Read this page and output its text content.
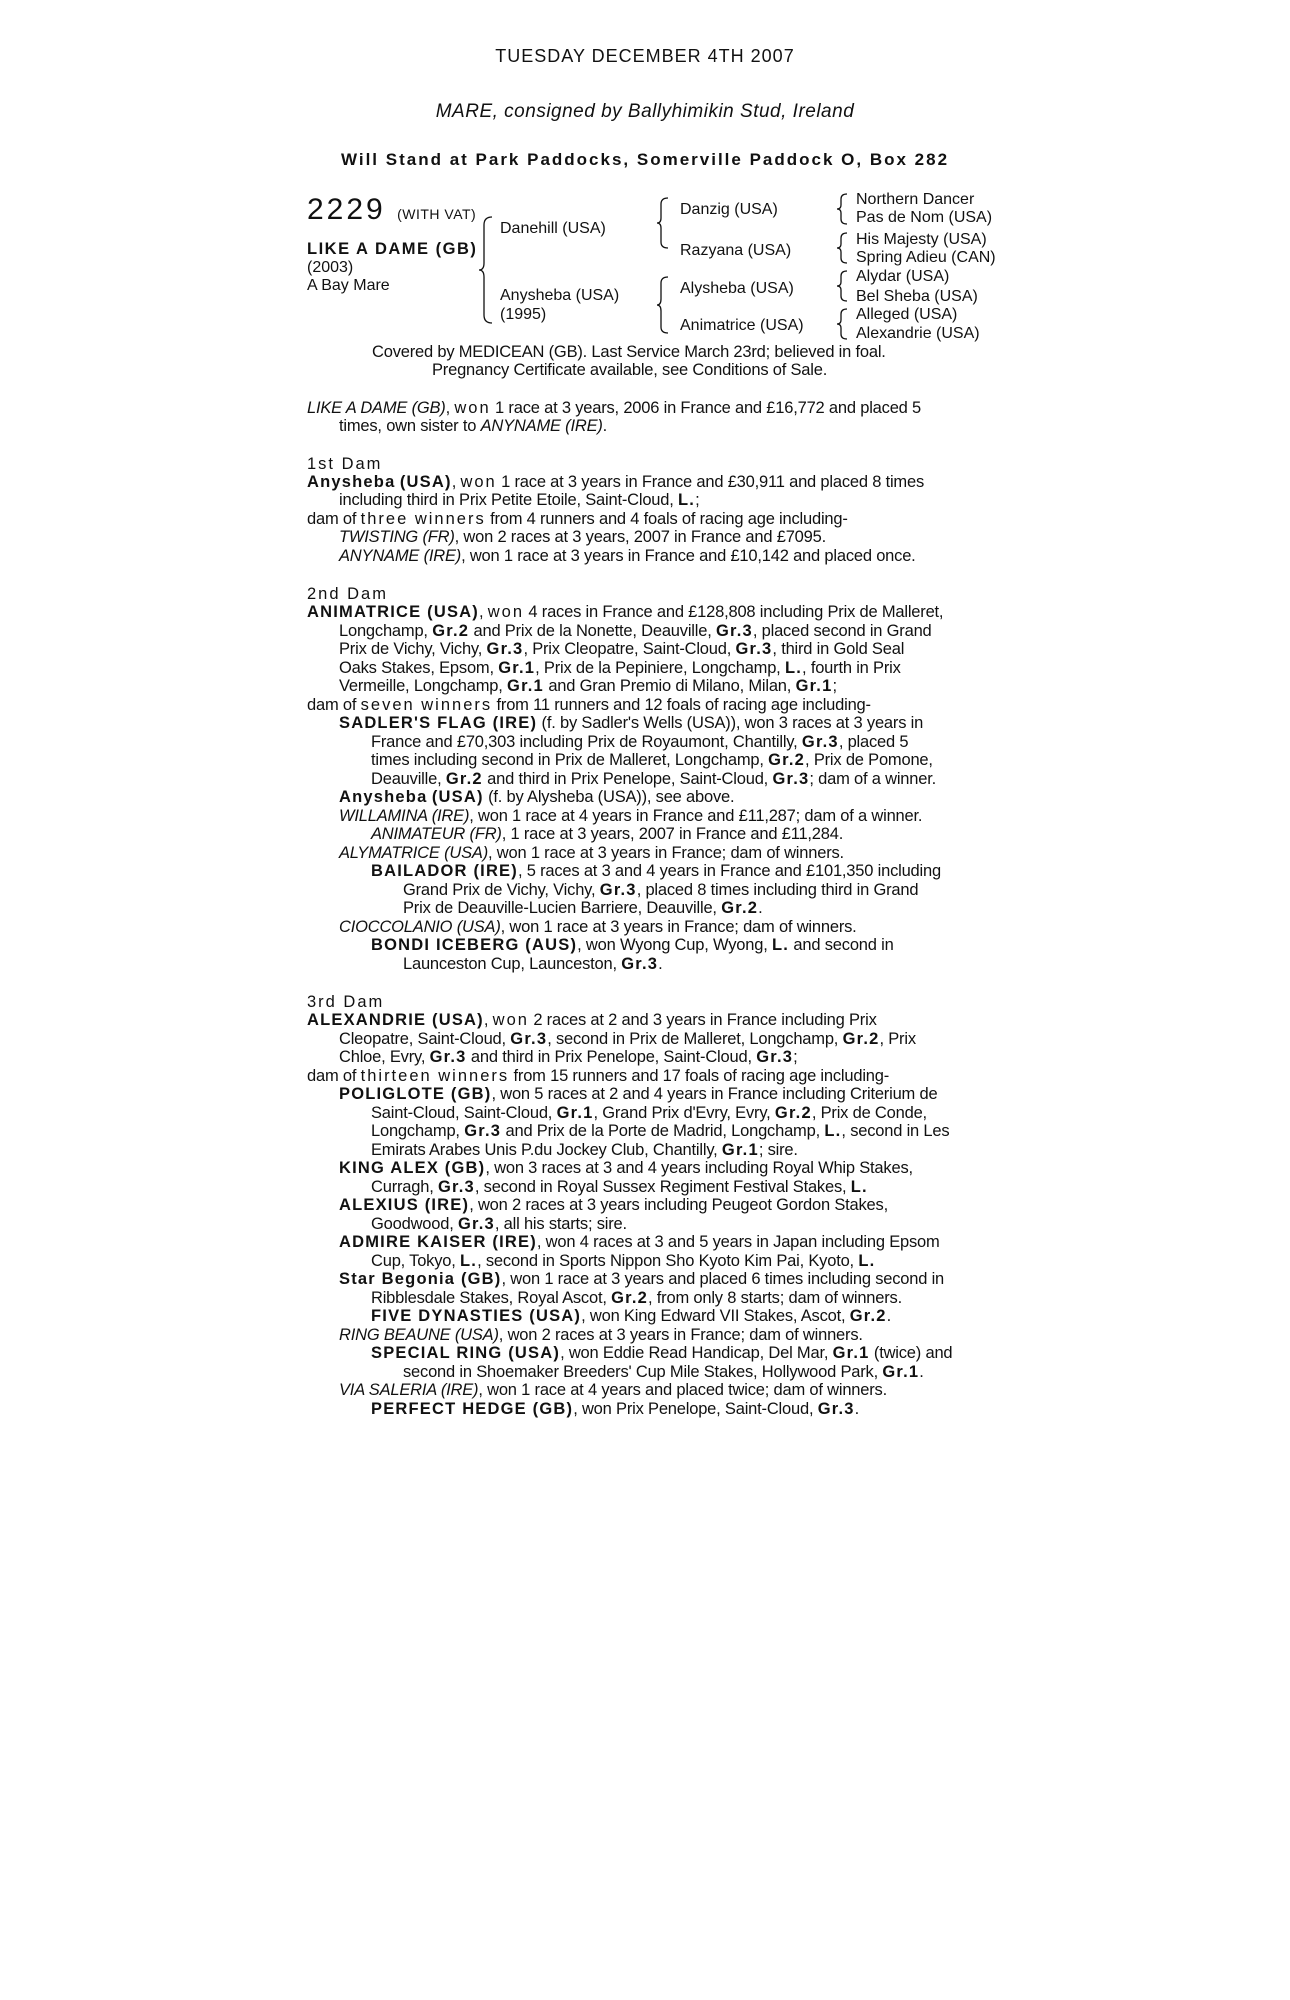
TUESDAY DECEMBER 4TH 2007
MARE, consigned by Ballyhimikin Stud, Ireland
Will Stand at Park Paddocks, Somerville Paddock O, Box 282
2229 (WITH VAT)
LIKE A DAME (GB)
(2003)
A Bay Mare
Danehill (USA)
Anysheba (USA)
(1995)
Danzig (USA)
Razyana (USA)
Alysheba (USA)
Animatrice (USA)
Northern Dancer
Pas de Nom (USA)
His Majesty (USA)
Spring Adieu (CAN)
Alydar (USA)
Bel Sheba (USA)
Alleged (USA)
Alexandrie (USA)
Covered by MEDICEAN (GB). Last Service March 23rd; believed in foal.
Pregnancy Certificate available, see Conditions of Sale.
LIKE A DAME (GB), won 1 race at 3 years, 2006 in France and £16,772 and placed 5
times, own sister to ANYNAME (IRE).
1st Dam
Anysheba (USA), won 1 race at 3 years in France and £30,911 and placed 8 times
including third in Prix Petite Etoile, Saint-Cloud, L.;
dam of three winners from 4 runners and 4 foals of racing age including-
TWISTING (FR), won 2 races at 3 years, 2007 in France and £7095.
ANYNAME (IRE), won 1 race at 3 years in France and £10,142 and placed once.
2nd Dam
ANIMATRICE (USA), won 4 races in France and £128,808 including Prix de Malleret,
Longchamp, Gr.2 and Prix de la Nonette, Deauville, Gr.3, placed second in Grand
Prix de Vichy, Vichy, Gr.3, Prix Cleopatre, Saint-Cloud, Gr.3, third in Gold Seal
Oaks Stakes, Epsom, Gr.1, Prix de la Pepiniere, Longchamp, L., fourth in Prix
Vermeille, Longchamp, Gr.1 and Gran Premio di Milano, Milan, Gr.1;
dam of seven winners from 11 runners and 12 foals of racing age including-
SADLER'S FLAG (IRE) (f. by Sadler's Wells (USA)), won 3 races at 3 years in
France and £70,303 including Prix de Royaumont, Chantilly, Gr.3, placed 5
times including second in Prix de Malleret, Longchamp, Gr.2, Prix de Pomone,
Deauville, Gr.2 and third in Prix Penelope, Saint-Cloud, Gr.3; dam of a winner.
Anysheba (USA) (f. by Alysheba (USA)), see above.
WILLAMINA (IRE), won 1 race at 4 years in France and £11,287; dam of a winner.
ANIMATEUR (FR), 1 race at 3 years, 2007 in France and £11,284.
ALYMATRICE (USA), won 1 race at 3 years in France; dam of winners.
BAILADOR (IRE), 5 races at 3 and 4 years in France and £101,350 including
Grand Prix de Vichy, Vichy, Gr.3, placed 8 times including third in Grand
Prix de Deauville-Lucien Barriere, Deauville, Gr.2.
CIOCCOLANIO (USA), won 1 race at 3 years in France; dam of winners.
BONDI ICEBERG (AUS), won Wyong Cup, Wyong, L. and second in
Launceston Cup, Launceston, Gr.3.
3rd Dam
ALEXANDRIE (USA), won 2 races at 2 and 3 years in France including Prix
Cleopatre, Saint-Cloud, Gr.3, second in Prix de Malleret, Longchamp, Gr.2, Prix
Chloe, Evry, Gr.3 and third in Prix Penelope, Saint-Cloud, Gr.3;
dam of thirteen winners from 15 runners and 17 foals of racing age including-
POLIGLOTE (GB), won 5 races at 2 and 4 years in France including Criterium de
Saint-Cloud, Saint-Cloud, Gr.1, Grand Prix d'Evry, Evry, Gr.2, Prix de Conde,
Longchamp, Gr.3 and Prix de la Porte de Madrid, Longchamp, L., second in Les
Emirats Arabes Unis P.du Jockey Club, Chantilly, Gr.1; sire.
KING ALEX (GB), won 3 races at 3 and 4 years including Royal Whip Stakes,
Curragh, Gr.3, second in Royal Sussex Regiment Festival Stakes, L.
ALEXIUS (IRE), won 2 races at 3 years including Peugeot Gordon Stakes,
Goodwood, Gr.3, all his starts; sire.
ADMIRE KAISER (IRE), won 4 races at 3 and 5 years in Japan including Epsom
Cup, Tokyo, L., second in Sports Nippon Sho Kyoto Kim Pai, Kyoto, L.
Star Begonia (GB), won 1 race at 3 years and placed 6 times including second in
Ribblesdale Stakes, Royal Ascot, Gr.2, from only 8 starts; dam of winners.
FIVE DYNASTIES (USA), won King Edward VII Stakes, Ascot, Gr.2.
RING BEAUNE (USA), won 2 races at 3 years in France; dam of winners.
SPECIAL RING (USA), won Eddie Read Handicap, Del Mar, Gr.1 (twice) and
second in Shoemaker Breeders' Cup Mile Stakes, Hollywood Park, Gr.1.
VIA SALERIA (IRE), won 1 race at 4 years and placed twice; dam of winners.
PERFECT HEDGE (GB), won Prix Penelope, Saint-Cloud, Gr.3.
